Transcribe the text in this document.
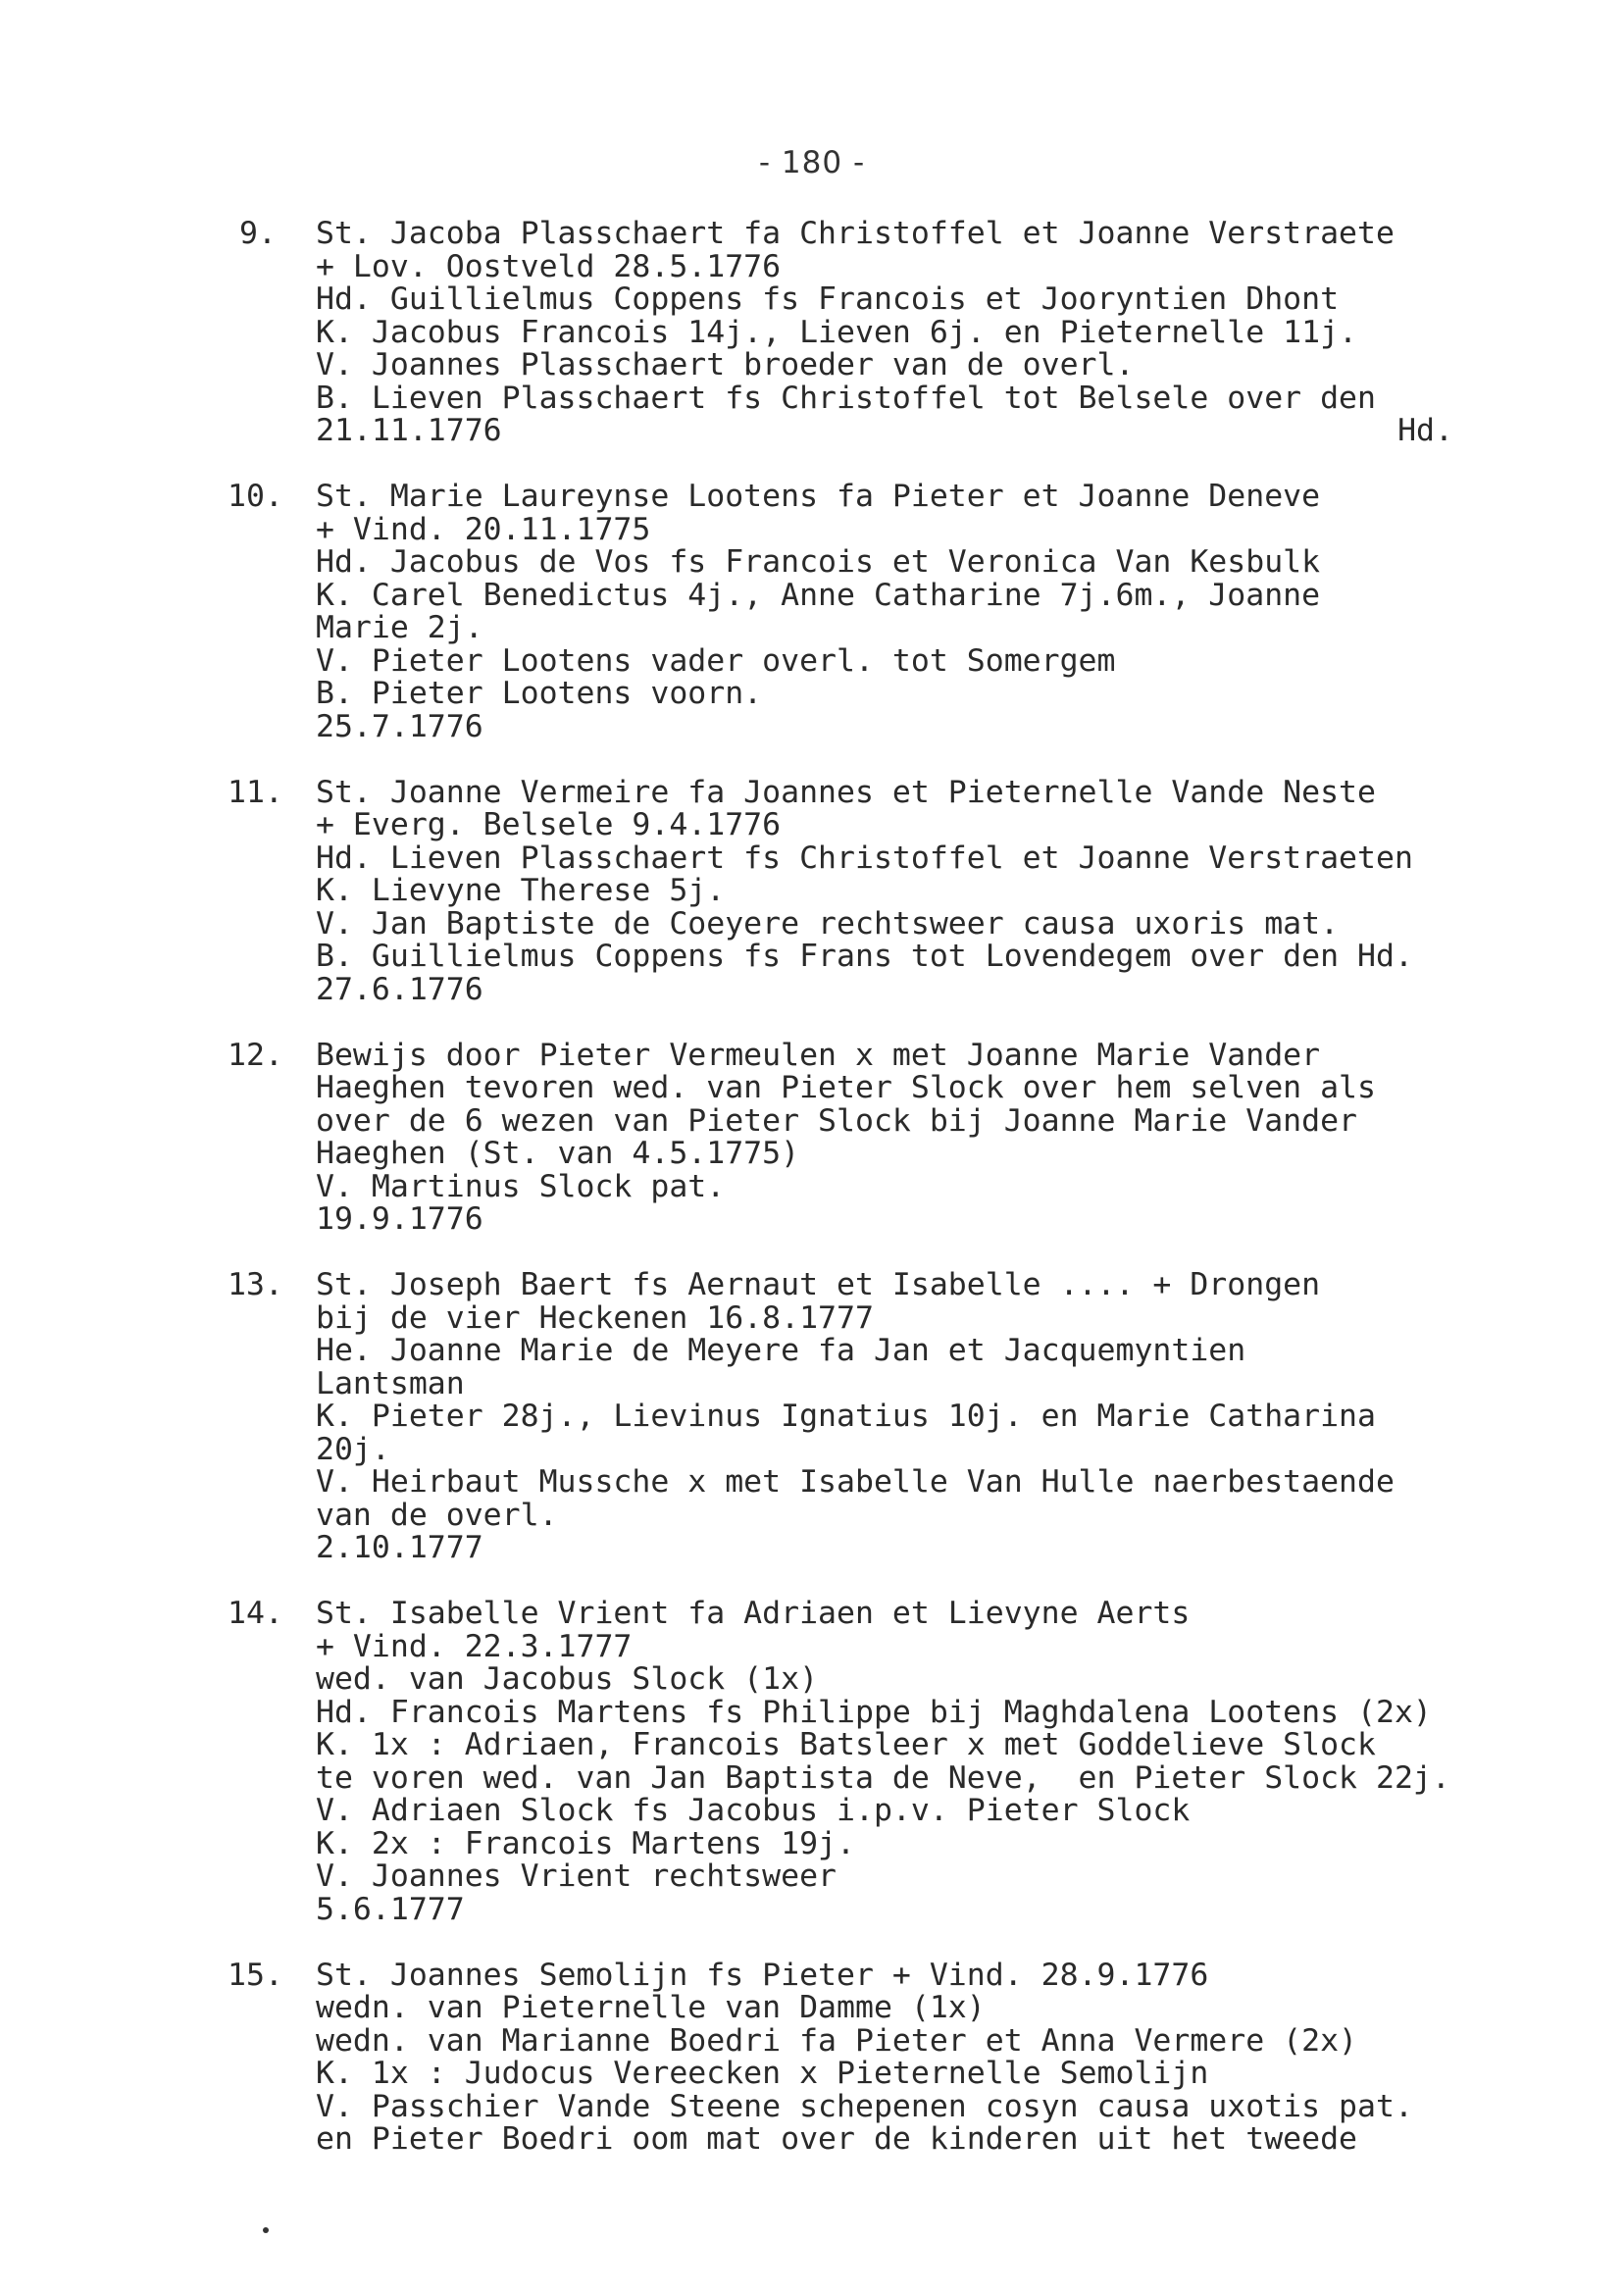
- 180 -
9.	St. Jacoba Plasschaert fa Christoffel et Joanne Verstraete
+ Lov. Oostveld 28.5.1776
Hd. Guillielmus Coppens fs Francois et Jooryntien Dhont
K. Jacobus Francois 14j., Lieven 6j. en Pieternelle 11j.
V. Joannes Plasschaert broeder van de overl.
B. Lieven Plasschaert fs Christoffel tot Belsele over den
21.11.1776	Hd.
10.	St. Marie Laureynse Lootens fa Pieter et Joanne Deneve
+ Vind. 20.11.1775
Hd. Jacobus de Vos fs Francois et Veronica Van Kesbulk
K. Carel Benedictus 4j., Anne Catharine 7j.6m., Joanne
Marie 2j.
V. Pieter Lootens vader overl. tot Somergem
B. Pieter Lootens voorn.
25.7.1776
11.	St. Joanne Vermeire fa Joannes et Pieternelle Vande Neste
+ Everg. Belsele 9.4.1776
Hd. Lieven Plasschaert fs Christoffel et Joanne Verstraeten
K. Lievyne Therese 5j.
V. Jan Baptiste de Coeyere rechtsweer causa uxoris mat.
B. Guillielmus Coppens fs Frans tot Lovendegem over den Hd.
27.6.1776
12.	Bewijs door Pieter Vermeulen x met Joanne Marie Vander
Haeghen tevoren wed. van Pieter Slock over hem selven als
over de 6 wezen van Pieter Slock bij Joanne Marie Vander
Haeghen (St. van 4.5.1775)
V. Martinus Slock pat.
19.9.1776
13.	St. Joseph Baert fs Aernaut et Isabelle .... + Drongen
bij de vier Heckenen 16.8.1777
He. Joanne Marie de Meyere fa Jan et Jacquemyntien
Lantsman
K. Pieter 28j., Lievinus Ignatius 10j. en Marie Catharina
20j.
V. Heirbaut Mussche x met Isabelle Van Hulle naerbestaende
van de overl.
2.10.1777
14.	St. Isabelle Vrient fa Adriaen et Lievyne Aerts
+ Vind. 22.3.1777
wed. van Jacobus Slock (1x)
Hd. Francois Martens fs Philippe bij Maghdalena Lootens (2x)
K. 1x : Adriaen, Francois Batsleer x met Goddelieve Slock
te voren wed. van Jan Baptista de Neve,  en Pieter Slock 22j.
V. Adriaen Slock fs Jacobus i.p.v. Pieter Slock
K. 2x : Francois Martens 19j.
V. Joannes Vrient rechtsweer
5.6.1777
15.	St. Joannes Semolijn fs Pieter + Vind. 28.9.1776
wedn. van Pieternelle van Damme (1x)
wedn. van Marianne Boedri fa Pieter et Anna Vermere (2x)
K. 1x : Judocus Vereecken x Pieternelle Semolijn
V. Passchier Vande Steene schepenen cosyn causa uxotis pat.
en Pieter Boedri oom mat over de kinderen uit het tweede
